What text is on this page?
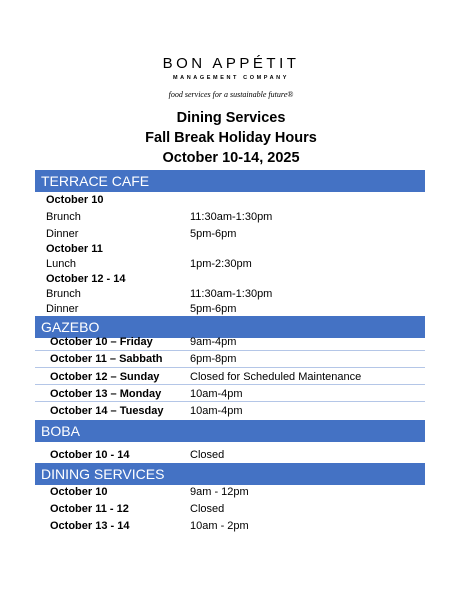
BON APPÉTIT
MANAGEMENT COMPANY
food services for a sustainable future®
Dining Services
Fall Break Holiday Hours
October 10-14, 2025
TERRACE CAFE
October 10
Brunch	11:30am-1:30pm
Dinner	5pm-6pm
October 11
Lunch	1pm-2:30pm
October 12 - 14
Brunch	11:30am-1:30pm
Dinner	5pm-6pm
GAZEBO
October 10 – Friday	9am-4pm
October 11 – Sabbath	6pm-8pm
October 12 – Sunday	Closed for Scheduled Maintenance
October 13 – Monday	10am-4pm
October 14 – Tuesday 10am-4pm
BOBA
October 10 - 14	Closed
DINING SERVICES
October 10	9am - 12pm
October 11 - 12	Closed
October 13 - 14	10am - 2pm
